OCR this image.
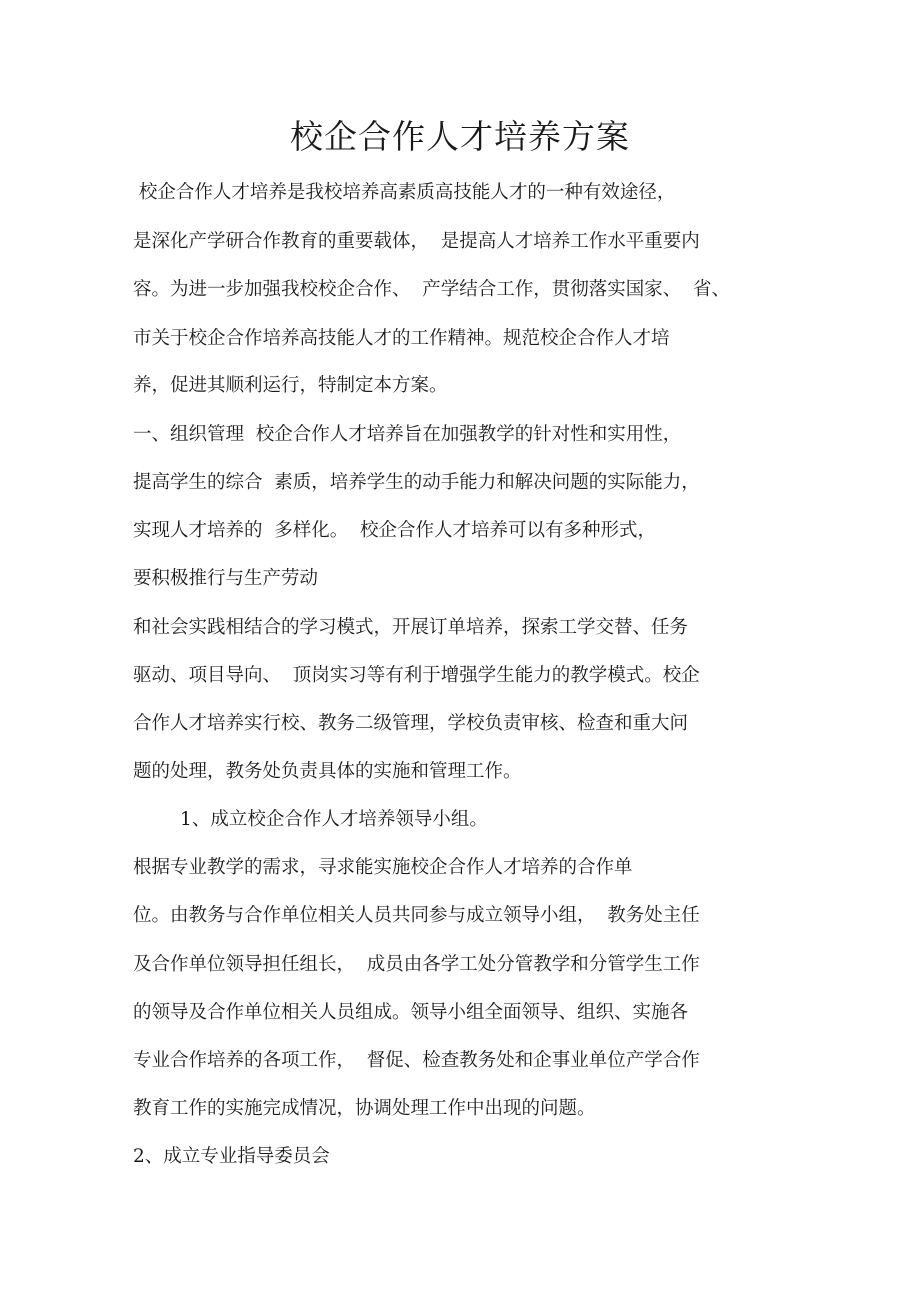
校企合作人才培养方案
校企合作人才培养是我校培养高素质高技能人才的一种有效途径，
是深化产学研合作教育的重要载体，  是提高人才培养工作水平重要内
容。为进一步加强我校校企合作、  产学结合工作，贯彻落实国家、  省、
市关于校企合作培养高技能人才的工作精神。规范校企合作人才培
养，促进其顺利运行，特制定本方案。
一、组织管理  校企合作人才培养旨在加强教学的针对性和实用性，
提高学生的综合  素质，培养学生的动手能力和解决问题的实际能力，
实现人才培养的  多样化。  校企合作人才培养可以有多种形式，
要积极推行与生产劳动
和社会实践相结合的学习模式，开展订单培养，探索工学交替、任务
驱动、项目导向、  顶岗实习等有利于增强学生能力的教学模式。校企
合作人才培养实行校、教务二级管理，学校负责审核、检查和重大问
题的处理，教务处负责具体的实施和管理工作。
1、成立校企合作人才培养领导小组。
根据专业教学的需求，寻求能实施校企合作人才培养的合作单
位。由教务与合作单位相关人员共同参与成立领导小组，  教务处主任
及合作单位领导担任组长，  成员由各学工处分管教学和分管学生工作
的领导及合作单位相关人员组成。领导小组全面领导、组织、实施各
专业合作培养的各项工作，  督促、检查教务处和企事业单位产学合作
教育工作的实施完成情况，协调处理工作中出现的问题。
2、成立专业指导委员会
